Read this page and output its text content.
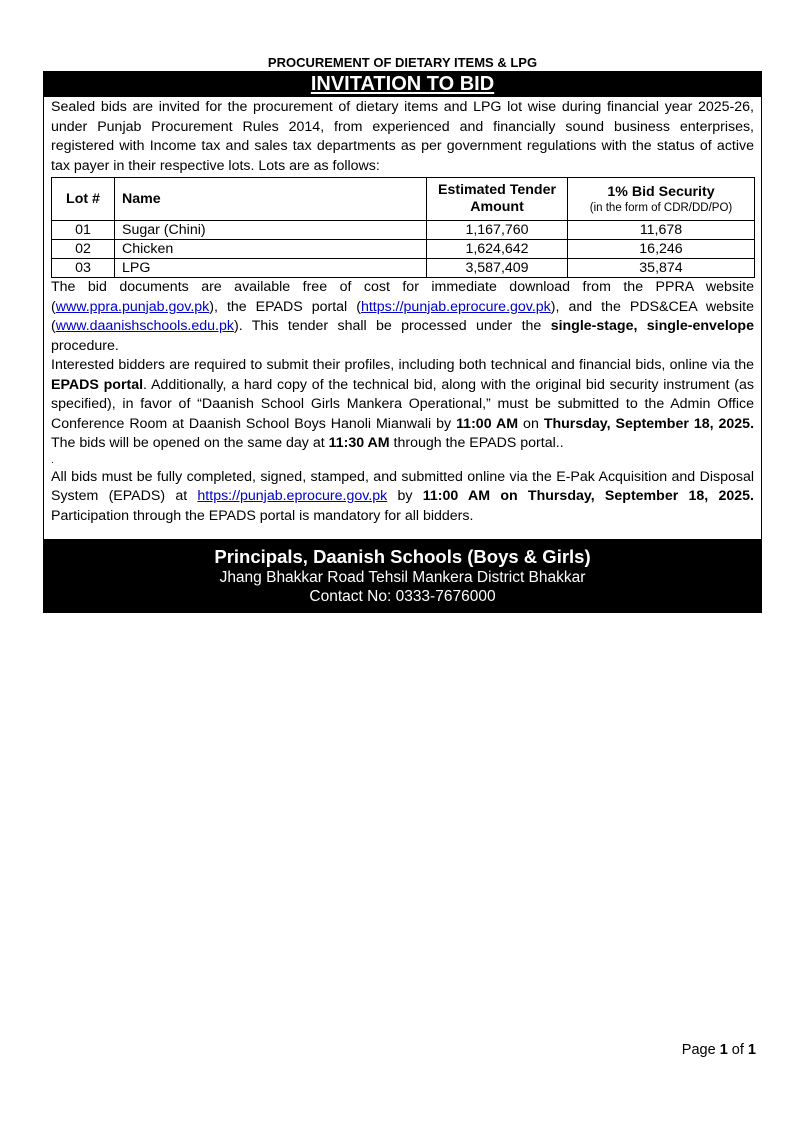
PROCUREMENT OF DIETARY ITEMS & LPG
INVITATION TO BID

Sealed bids are invited for the procurement of dietary items and LPG lot wise during financial year 2025-26, under Punjab Procurement Rules 2014, from experienced and financially sound business enterprises, registered with Income tax and sales tax departments as per government regulations with the status of active tax payer in their respective lots. Lots are as follows:

Lot #	Name	Estimated Tender Amount	1% Bid Security
(in the form of CDR/DD/PO)

01	Sugar (Chini)	1,167,760	11,678
02	Chicken	1,624,642	16,246
03	LPG	3,587,409	35,874

The bid documents are available free of cost for immediate download from the PPRA website (www.ppra.punjab.gov.pk), the EPADS portal (https://punjab.eprocure.gov.pk), and the PDS&CEA website (www.daanishschools.edu.pk). This tender shall be processed under the single-stage, single-envelope procedure.

Interested bidders are required to submit their profiles, including both technical and financial bids, online via the EPADS portal. Additionally, a hard copy of the technical bid, along with the original bid security instrument (as specified), in favor of “Daanish School Girls Mankera Operational,” must be submitted to the Admin Office Conference Room at Daanish School Boys Hanoli Mianwali by 11:00 AM on Thursday, September 18, 2025. The bids will be opened on the same day at 11:30 AM through the EPADS portal..

.

All bids must be fully completed, signed, stamped, and submitted online via the E-Pak Acquisition and Disposal System (EPADS) at https://punjab.eprocure.gov.pk by 11:00 AM on Thursday, September 18, 2025. Participation through the EPADS portal is mandatory for all bidders.

Principals, Daanish Schools (Boys & Girls)
Jhang Bhakkar Road Tehsil Mankera District Bhakkar
Contact No: 0333-7676000
Page 1 of 1
